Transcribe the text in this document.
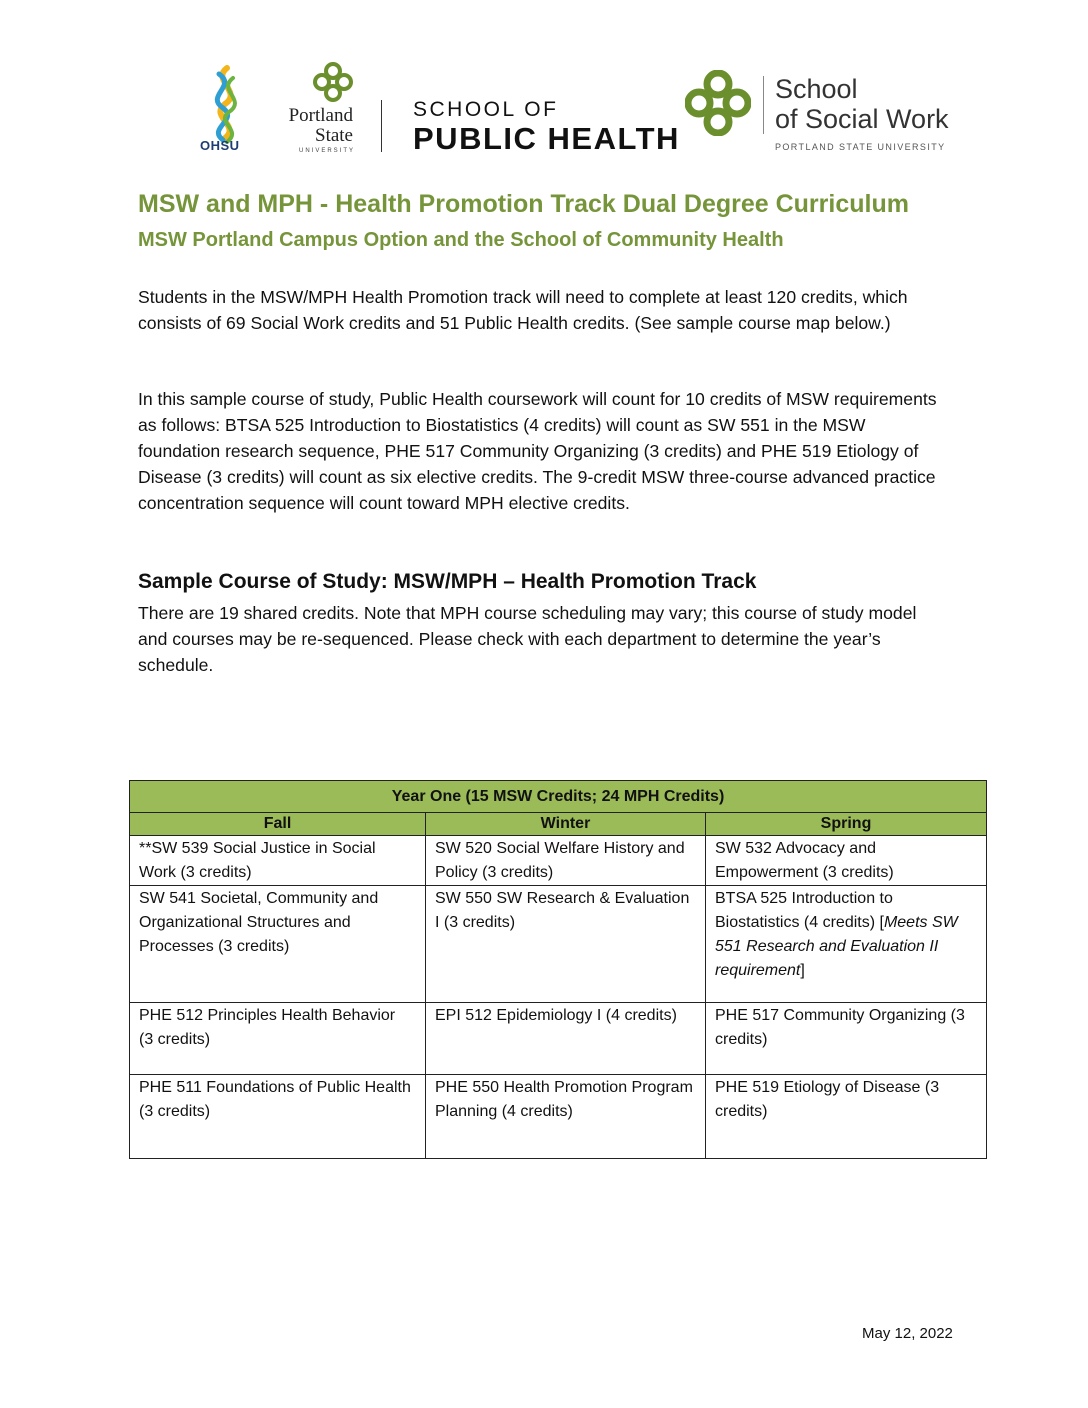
OHSU
Portland
State
UNIVERSITY
SCHOOL OF
PUBLIC HEALTH
School
of Social Work
PORTLAND STATE UNIVERSITY
MSW and MPH - Health Promotion Track Dual Degree Curriculum
MSW Portland Campus Option and the School of Community Health

Students in the MSW/MPH Health Promotion track will need to complete at least 120 credits, which consists of 69 Social Work credits and 51 Public Health credits. (See sample course map below.)

In this sample course of study, Public Health coursework will count for 10 credits of MSW requirements as follows: BTSA 525 Introduction to Biostatistics (4 credits) will count as SW 551 in the MSW foundation research sequence, PHE 517 Community Organizing (3 credits) and PHE 519 Etiology of Disease (3 credits) will count as six elective credits. The 9-credit MSW three-course advanced practice concentration sequence will count toward MPH elective credits.

Sample Course of Study: MSW/MPH – Health Promotion Track

There are 19 shared credits. Note that MPH course scheduling may vary; this course of study model and courses may be re-sequenced. Please check with each department to determine the year’s schedule.

Year One (15 MSW Credits; 24 MPH Credits)		
Fall	Winter	Spring
**SW 539 Social Justice in Social Work (3 credits)	SW 520 Social Welfare History and Policy (3 credits)	SW 532 Advocacy and Empowerment (3 credits)
SW 541 Societal, Community and Organizational Structures and Processes (3 credits)	SW 550 SW Research & Evaluation I (3 credits)	BTSA 525 Introduction to Biostatistics (4 credits) [Meets SW 551 Research and Evaluation II requirement]

PHE 512 Principles Health Behavior
(3 credits)	EPI 512 Epidemiology I (4 credits)	PHE 517 Community Organizing (3 credits)

PHE 511 Foundations of Public Health
(3 credits)	PHE 550 Health Promotion Program Planning (4 credits)	PHE 519 Etiology of Disease (3 credits)
May 12, 2022
